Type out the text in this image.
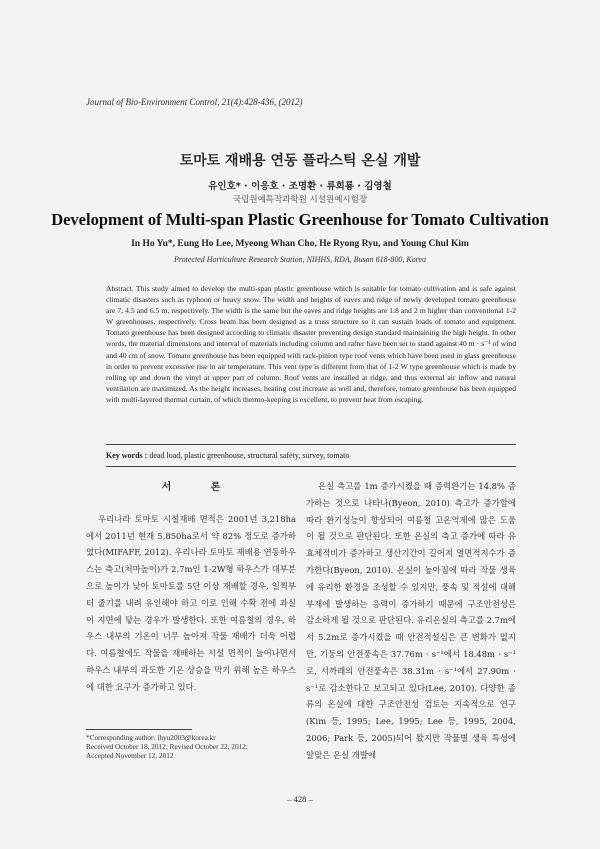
Journal of Bio-Environment Control, 21(4):428-436, (2012)
토마토 재배용 연동 플라스틱 온실 개발
유인호* · 이응호 · 조명환 · 류희룡 · 김영철
국립원예특작과학원 시설원예시험장
Development of Multi-span Plastic Greenhouse for Tomato Cultivation
In Ho Yu*, Eung Ho Lee, Myeong Whan Cho, He Ryong Ryu, and Young Chul Kim
Protected Horticulture Research Station, NIHHS, RDA, Busan 618-800, Korea
Abstract. This study aimed to develop the multi-span plastic greenhouse which is suitable for tomato cultivation and is safe against climatic disasters such as typhoon or heavy snow. The width and heights of eaves and ridge of newly developed tomato greenhouse are 7, 4.5 and 6.5 m, respectively. The width is the same but the eaves and ridge heights are 1.8 and 2 m higher than conventional 1-2 W greenhouses, respectively. Cross beam has been designed as a truss structure so it can sustain loads of tomato and equipment. Tomato greenhouse has been designed according to climatic disaster preventing design standard maintaining the high height. In other words, the material dimensions and interval of materials including column and rafter have been set to stand against 40 m · s⁻¹ of wind and 40 cm of snow. Tomato greenhouse has been equipped with rack-pinion type roof vents which have been used in glass greenhouse in order to prevent excessive rise in air temperature. This vent type is different from that of 1-2 W type greenhouse which is made by rolling up and down the vinyl at upper part of column. Roof vents are installed at ridge, and thus external air inflow and natural ventilation are maximized. As the height increases, heating cost increase as well and, therefore, tomato greenhouse has been equipped with multi-layered thermal curtain, of which thermo-keeping is excellent, to prevent heat from escaping.
Key words : dead load, plastic greenhouse, structural safety, survey, tomato
서 론

우리나라 토마토 시설재배 면적은 2001년 3,218ha에서 2011년 현재 5,850ha로서 약 82% 정도로 증가하였다(MIFAFF, 2012). 우리나라 토마토 재배용 연동하우스는 측고(처마높이)가 2.7m인 1-2W형 하우스가 대부분으로 높이가 낮아 토마토를 5단 이상 재배할 경우, 일찍부터 줄기를 내려 유인해야 하고 이로 인해 수확 전에 과실이 지면에 닿는 경우가 발생한다. 또한 여름철의 경우, 하우스 내부의 기온이 너무 높아져 작물 재배가 더욱 어렵다. 여름철에도 작물을 재배하는 시설 면적이 늘어나면서 하우스 내부의 과도한 기온 상승을 막기 위해 높은 하우스에 대한 요구가 증가하고 있다.

온실 측고를 1m 증가시켰을 때 증력환기는 14.8% 증가하는 것으로 나타나(Byeon, 2010) 측고가 증가함에 따라 환기성능이 향상되어 여름철 고온억제에 많은 도움이 될 것으로 판단된다. 또한 온실의 측고 증가에 따라 유효체적비가 증가하고 생산기간이 길어져 열면적지수가 증가한다(Byeon, 2010). 온실이 높아짐에 따라 작물 생육에 유리한 환경을 조성할 수 있지만, 풍속 및 적설에 대해 부재에 발생하는 응력이 증가하기 때문에 구조안전성은 감소하게 될 것으로 판단된다. 유리온실의 측고를 2.7m에서 5.2m로 증가시켰을 때 안전적설심은 큰 변화가 없지만, 기둥의 안전풍속은 37.76m · s⁻¹에서 18.48m · s⁻¹로, 서까래의 안전풍속은 38.31m · s⁻¹에서 27.90m · s⁻¹로 감소한다고 보고되고 있다(Lee, 2010). 다양한 종류의 온실에 대한 구조안전성 검토는 지속적으로 연구(Kim 등, 1995; Lee, 1995; Lee 등, 1995, 2004, 2006; Park 등, 2005)되어 왔지만 작물별 생육 특성에 알맞은 온실 개발에

*Corresponding author: ihyu2003@korea.kr
Received October 18, 2012; Revised October 22, 2012;
Accepted November 12, 2012
– 428 –
